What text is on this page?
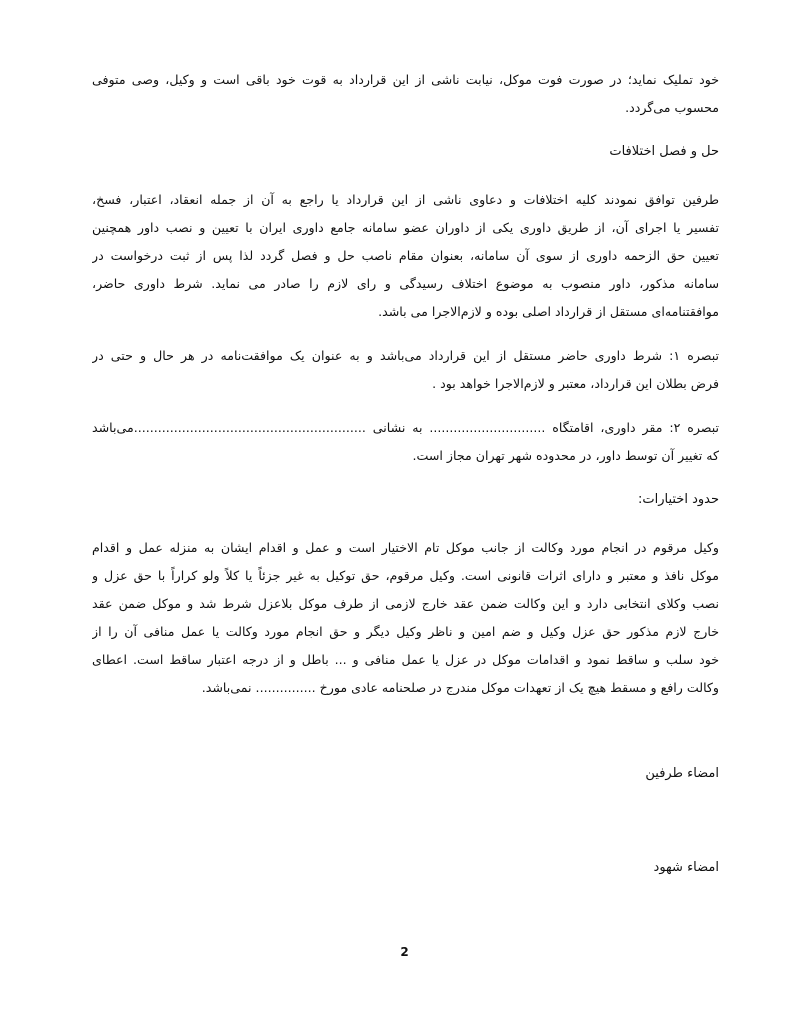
خود تملیک نماید؛ در صورت فوت موکل، نیابت ناشی از این قرارداد به قوت خود باقی است و وکیل، وصی متوفی
محسوب می‌گردد.
حل و فصل اختلافات
طرفین توافق نمودند کلیه اختلافات و دعاوی ناشی از این قرارداد یا راجع به آن از جمله انعقاد، اعتبار، فسخ،
تفسیر یا اجرای آن، از طریق داوری یکی از داوران عضو سامانه جامع داوری ایران با تعیین و نصب داور همچنین
تعیین حق الزحمه داوری از سوی آن سامانه، بعنوان مقام ناصب حل و فصل گردد لذا پس از ثبت درخواست در
سامانه مذکور، داور منصوب به موضوع اختلاف رسیدگی و رای لازم را صادر می نماید. شرط داوری حاضر،
موافقتنامه‌ای مستقل از قرارداد اصلی بوده و لازم‌الاجرا می باشد.
تبصره ۱: شرط داوری حاضر مستقل از این قرارداد می‌باشد و به عنوان یک موافقت‌نامه در هر حال و حتی در
فرض بطلان این قرارداد، معتبر و لازم‌الاجرا خواهد بود .
تبصره ۲: مقر داوری، اقامتگاه ............................. به نشانی ..........................................................می‌باشد
که تغییر آن توسط داور، در محدوده شهر تهران مجاز است.
حدود اختیارات:
وکیل مرقوم در انجام مورد وکالت از جانب موکل تام الاختیار است و عمل و اقدام ایشان به منزله عمل و اقدام
موکل نافذ و معتبر و دارای اثرات قانونی است. وکیل مرقوم، حق توکیل به غیر جزئاً یا کلاً ولو کراراً با حق عزل و
نصب وکلای انتخابی دارد و این وکالت ضمن عقد خارج لازمی از طرف موکل بلاعزل شرط شد و موکل ضمن عقد
خارج لازم مذکور حق عزل وکیل و ضم امین و ناظر وکیل دیگر و حق انجام مورد وکالت یا عمل منافی آن را از
خود سلب و ساقط نمود و اقدامات موکل در عزل یا عمل منافی و ... باطل و از درجه اعتبار ساقط است. اعطای
وکالت رافع و مسقط هیچ یک از تعهدات موکل مندرج در صلحنامه عادی مورخ ............... نمی‌باشد.
امضاء طرفین
امضاء شهود
2
